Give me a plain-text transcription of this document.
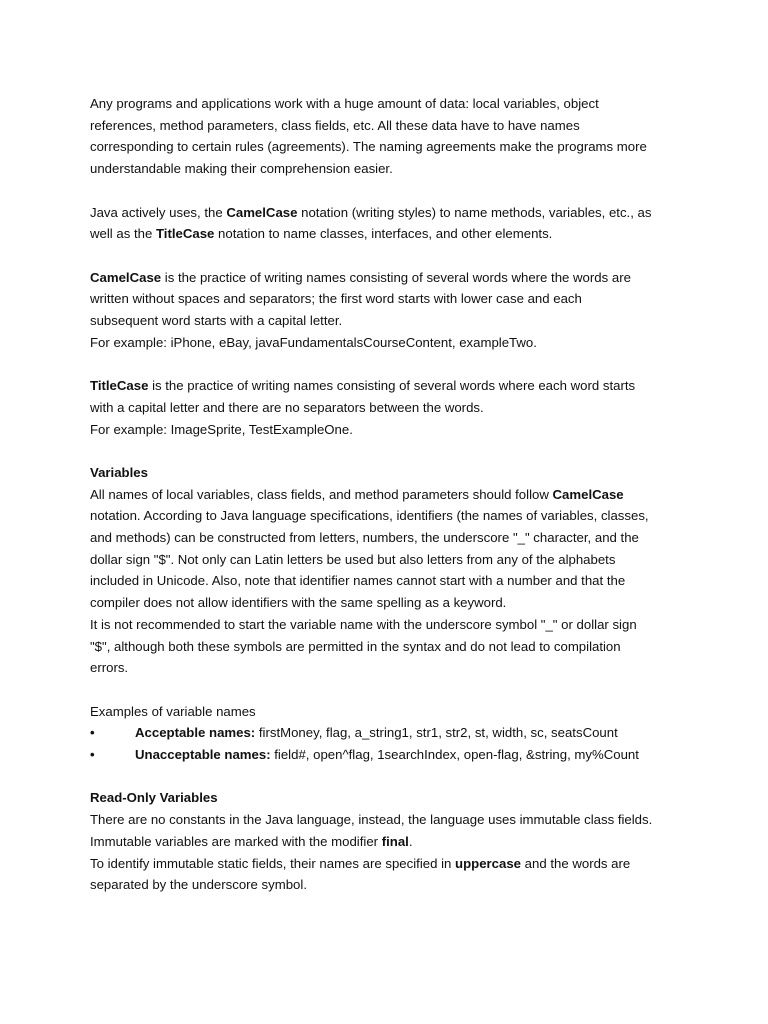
Any programs and applications work with a huge amount of data: local variables, object
references, method parameters, class fields, etc. All these data have to have names
corresponding to certain rules (agreements). The naming agreements make the programs more
understandable making their comprehension easier.
Java actively uses, the CamelCase notation (writing styles) to name methods, variables, etc., as
well as the TitleCase notation to name classes, interfaces, and other elements.
CamelCase is the practice of writing names consisting of several words where the words are
written without spaces and separators; the first word starts with lower case and each
subsequent word starts with a capital letter.
For example: iPhone, eBay, javaFundamentalsCourseContent, exampleTwo.
TitleCase is the practice of writing names consisting of several words where each word starts
with a capital letter and there are no separators between the words.
For example: ImageSprite, TestExampleOne.
Variables
All names of local variables, class fields, and method parameters should follow CamelCase
notation. According to Java language specifications, identifiers (the names of variables, classes,
and methods) can be constructed from letters, numbers, the underscore "_" character, and the
dollar sign "$". Not only can Latin letters be used but also letters from any of the alphabets
included in Unicode. Also, note that identifier names cannot start with a number and that the
compiler does not allow identifiers with the same spelling as a keyword.
It is not recommended to start the variable name with the underscore symbol "_" or dollar sign
"$", although both these symbols are permitted in the syntax and do not lead to compilation
errors.
Examples of variable names
•	Acceptable names: firstMoney, flag, a_string1, str1, str2, st, width, sc, seatsCount
•	Unacceptable names: field#, open^flag, 1searchIndex, open-flag, &string, my%Count
Read-Only Variables
There are no constants in the Java language, instead, the language uses immutable class fields.
Immutable variables are marked with the modifier final.
To identify immutable static fields, their names are specified in uppercase and the words are
separated by the underscore symbol.
